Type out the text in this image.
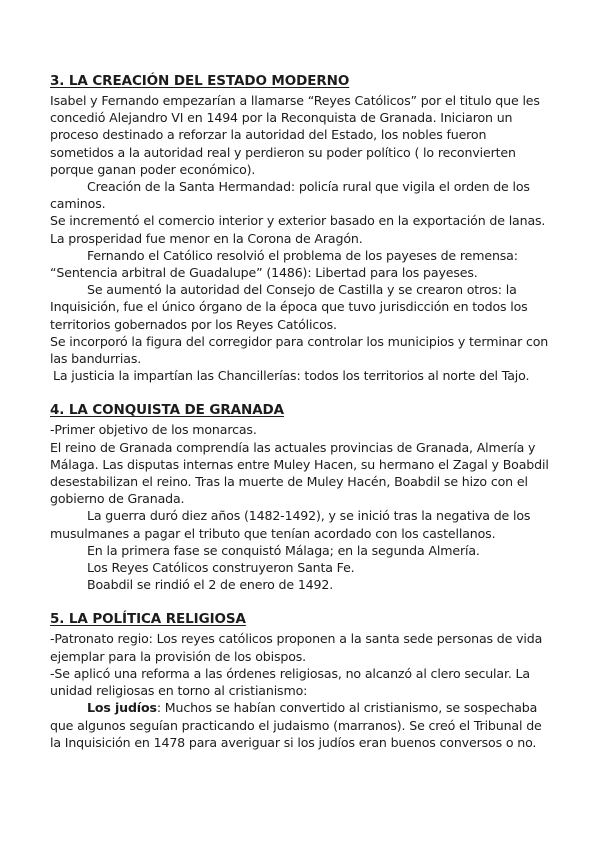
3. LA CREACIÓN DEL ESTADO MODERNO

Isabel y Fernando empezarían a llamarse “Reyes Católicos” por el titulo que les concedió Alejandro VI en 1494 por la Reconquista de Granada. Iniciaron un proceso destinado a reforzar la autoridad del Estado, los nobles fueron sometidos a la autoridad real y perdieron su poder político ( lo reconvierten porque ganan poder económico).

Creación de la Santa Hermandad: policía rural que vigila el orden de los caminos.

Se incrementó el comercio interior y exterior basado en la exportación de lanas.

La prosperidad fue menor en la Corona de Aragón.

Fernando el Católico resolvió el problema de los payeses de remensa:

“Sentencia arbitral de Guadalupe” (1486): Libertad para los payeses.

Se aumentó la autoridad del Consejo de Castilla y se crearon otros: la Inquisición, fue el único órgano de la época que tuvo jurisdicción en todos los territorios gobernados por los Reyes Católicos.

Se incorporó la figura del corregidor para controlar los municipios y terminar con las bandurrias.

La justicia la impartían las Chancillerías: todos los territorios al norte del Tajo.

4. LA CONQUISTA DE GRANADA

-Primer objetivo de los monarcas.

El reino de Granada comprendía las actuales provincias de Granada, Almería y Málaga. Las disputas internas entre Muley Hacen, su hermano el Zagal y Boabdil desestabilizan el reino. Tras la muerte de Muley Hacén, Boabdil se hizo con el gobierno de Granada.

La guerra duró diez años (1482-1492), y se inició tras la negativa de los musulmanes a pagar el tributo que tenían acordado con los castellanos.

En la primera fase se conquistó Málaga; en la segunda Almería.

Los Reyes Católicos construyeron Santa Fe.

Boabdil se rindió el 2 de enero de 1492.

5. LA POLÍTICA RELIGIOSA

-Patronato regio: Los reyes católicos proponen a la santa sede personas de vida ejemplar para la provisión de los obispos.

-Se aplicó una reforma a las órdenes religiosas, no alcanzó al clero secular. La unidad religiosas en torno al cristianismo:

Los judíos: Muchos se habían convertido al cristianismo, se sospechaba que algunos seguían practicando el judaismo (marranos). Se creó el Tribunal de la Inquisición en 1478 para averiguar si los judíos eran buenos conversos o no.
